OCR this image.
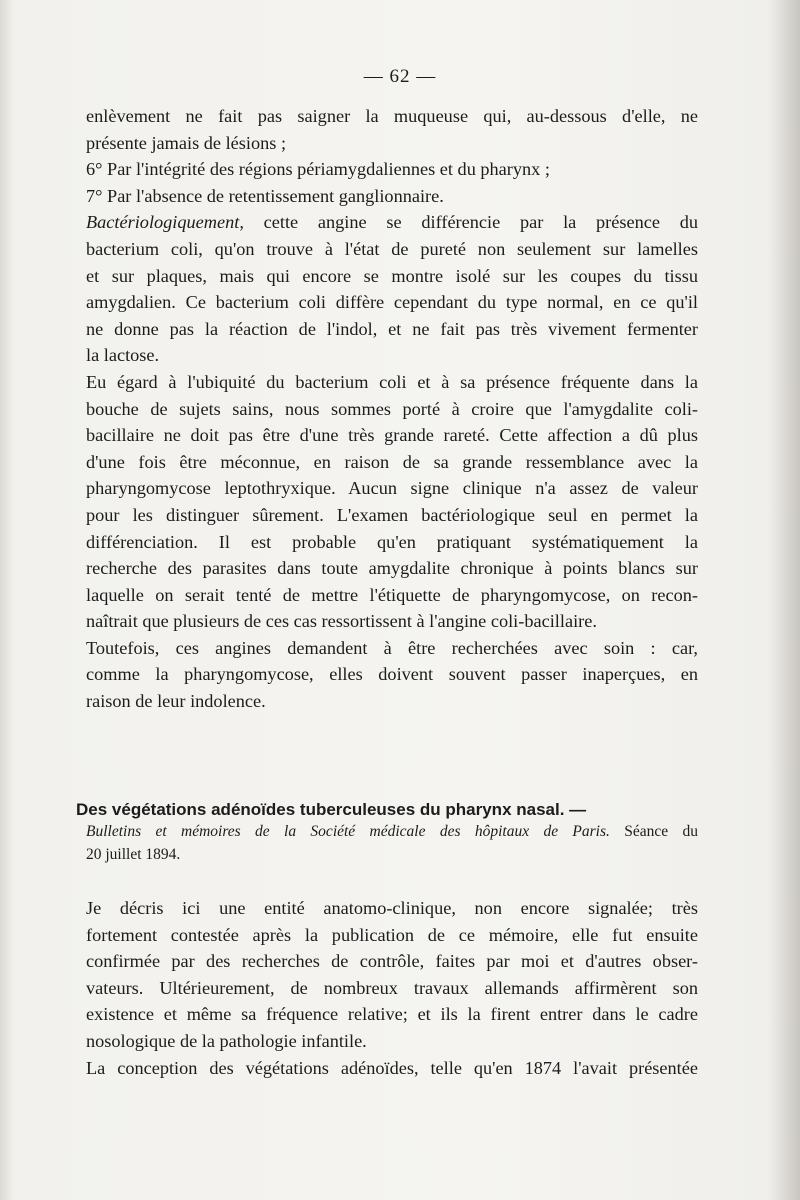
— 62 —

enlèvement ne fait pas saigner la muqueuse qui, au-dessous d'elle, ne
présente jamais de lésions ;

6° Par l'intégrité des régions périamygdaliennes et du pharynx ;

7° Par l'absence de retentissement ganglionnaire.

Bactériologiquement, cette angine se différencie par la présence du
bacterium coli, qu'on trouve à l'état de pureté non seulement sur lamelles
et sur plaques, mais qui encore se montre isolé sur les coupes du tissu
amygdalien. Ce bacterium coli diffère cependant du type normal, en ce qu'il
ne donne pas la réaction de l'indol, et ne fait pas très vivement fermenter
la lactose.

Eu égard à l'ubiquité du bacterium coli et à sa présence fréquente dans la
bouche de sujets sains, nous sommes porté à croire que l'amygdalite coli-
bacillaire ne doit pas être d'une très grande rareté. Cette affection a dû plus
d'une fois être méconnue, en raison de sa grande ressemblance avec la
pharyngomycose leptothryxique. Aucun signe clinique n'a assez de valeur
pour les distinguer sûrement. L'examen bactériologique seul en permet la
différenciation. Il est probable qu'en pratiquant systématiquement la
recherche des parasites dans toute amygdalite chronique à points blancs sur
laquelle on serait tenté de mettre l'étiquette de pharyngomycose, on recon-
naîtrait que plusieurs de ces cas ressortissent à l'angine coli-bacillaire.

Toutefois, ces angines demandent à être recherchées avec soin : car,
comme la pharyngomycose, elles doivent souvent passer inaperçues, en
raison de leur indolence.

Des végétations adénoïdes tuberculeuses du pharynx nasal. —
Bulletins et mémoires de la Société médicale des hôpitaux de Paris. Séance du
20 juillet 1894.

Je décris ici une entité anatomo-clinique, non encore signalée; très
fortement contestée après la publication de ce mémoire, elle fut ensuite
confirmée par des recherches de contrôle, faites par moi et d'autres obser-
vateurs. Ultérieurement, de nombreux travaux allemands affirmèrent son
existence et même sa fréquence relative; et ils la firent entrer dans le cadre
nosologique de la pathologie infantile.

La conception des végétations adénoïdes, telle qu'en 1874 l'avait présentée
